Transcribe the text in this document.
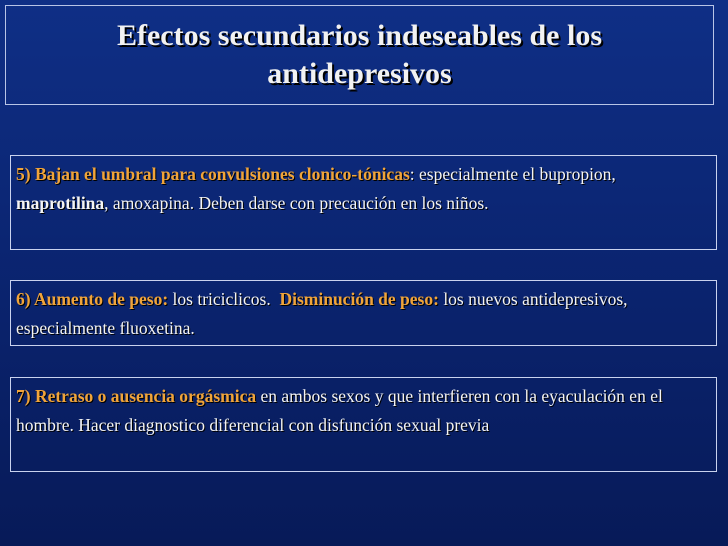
Efectos secundarios indeseables de los antidepresivos
5) Bajan el umbral para convulsiones clonico-tónicas: especialmente el bupropion, maprotilina, amoxapina. Deben darse con precaución en los niños.
6) Aumento de peso: los triciclicos.  Disminución de peso: los nuevos antidepresivos, especialmente fluoxetina.
7) Retraso o ausencia orgásmica en ambos sexos y que interfieren con la eyaculación en el hombre. Hacer diagnostico diferencial con disfunción sexual previa
